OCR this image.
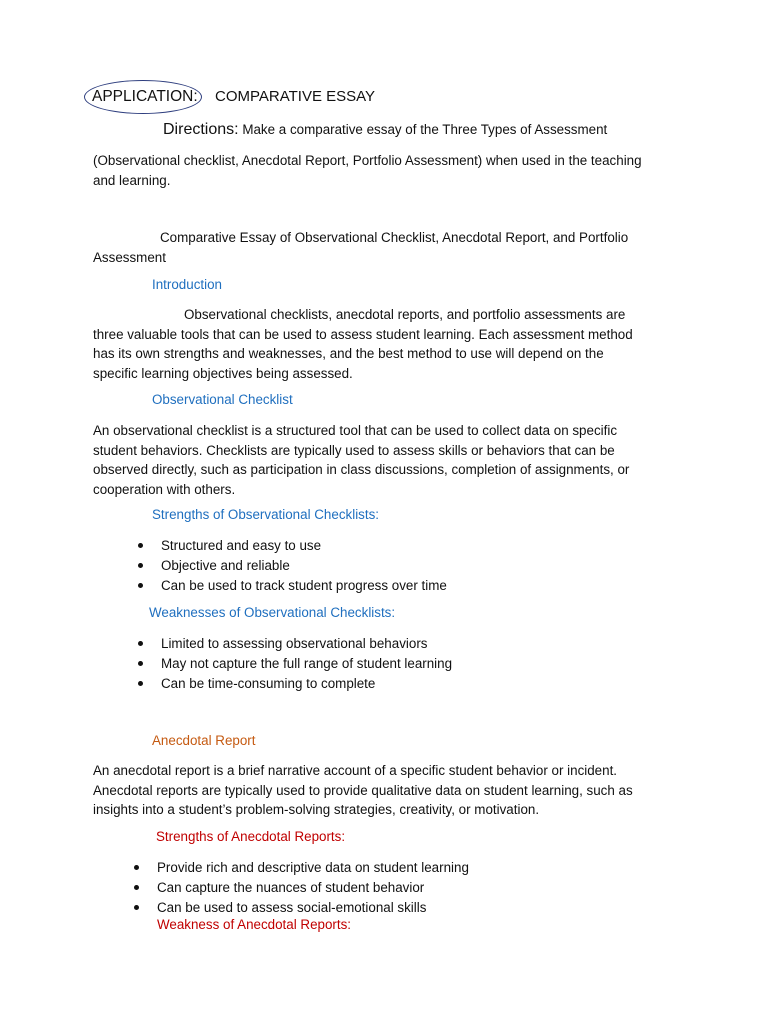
APPLICATION: COMPARATIVE ESSAY
Directions: Make a comparative essay of the Three Types of Assessment
(Observational checklist, Anecdotal Report, Portfolio Assessment) when used in the teaching
and learning.
Comparative Essay of Observational Checklist, Anecdotal Report, and Portfolio
Assessment
Introduction
Observational checklists, anecdotal reports, and portfolio assessments are
three valuable tools that can be used to assess student learning. Each assessment method
has its own strengths and weaknesses, and the best method to use will depend on the
specific learning objectives being assessed.
Observational Checklist
An observational checklist is a structured tool that can be used to collect data on specific
student behaviors. Checklists are typically used to assess skills or behaviors that can be
observed directly, such as participation in class discussions, completion of assignments, or
cooperation with others.
Strengths of Observational Checklists:
Structured and easy to use
Objective and reliable
Can be used to track student progress over time
Weaknesses of Observational Checklists:
Limited to assessing observational behaviors
May not capture the full range of student learning
Can be time-consuming to complete
Anecdotal Report
An anecdotal report is a brief narrative account of a specific student behavior or incident.
Anecdotal reports are typically used to provide qualitative data on student learning, such as
insights into a student’s problem-solving strategies, creativity, or motivation.
Strengths of Anecdotal Reports:
Provide rich and descriptive data on student learning
Can capture the nuances of student behavior
Can be used to assess social-emotional skills
Weakness of Anecdotal Reports:
